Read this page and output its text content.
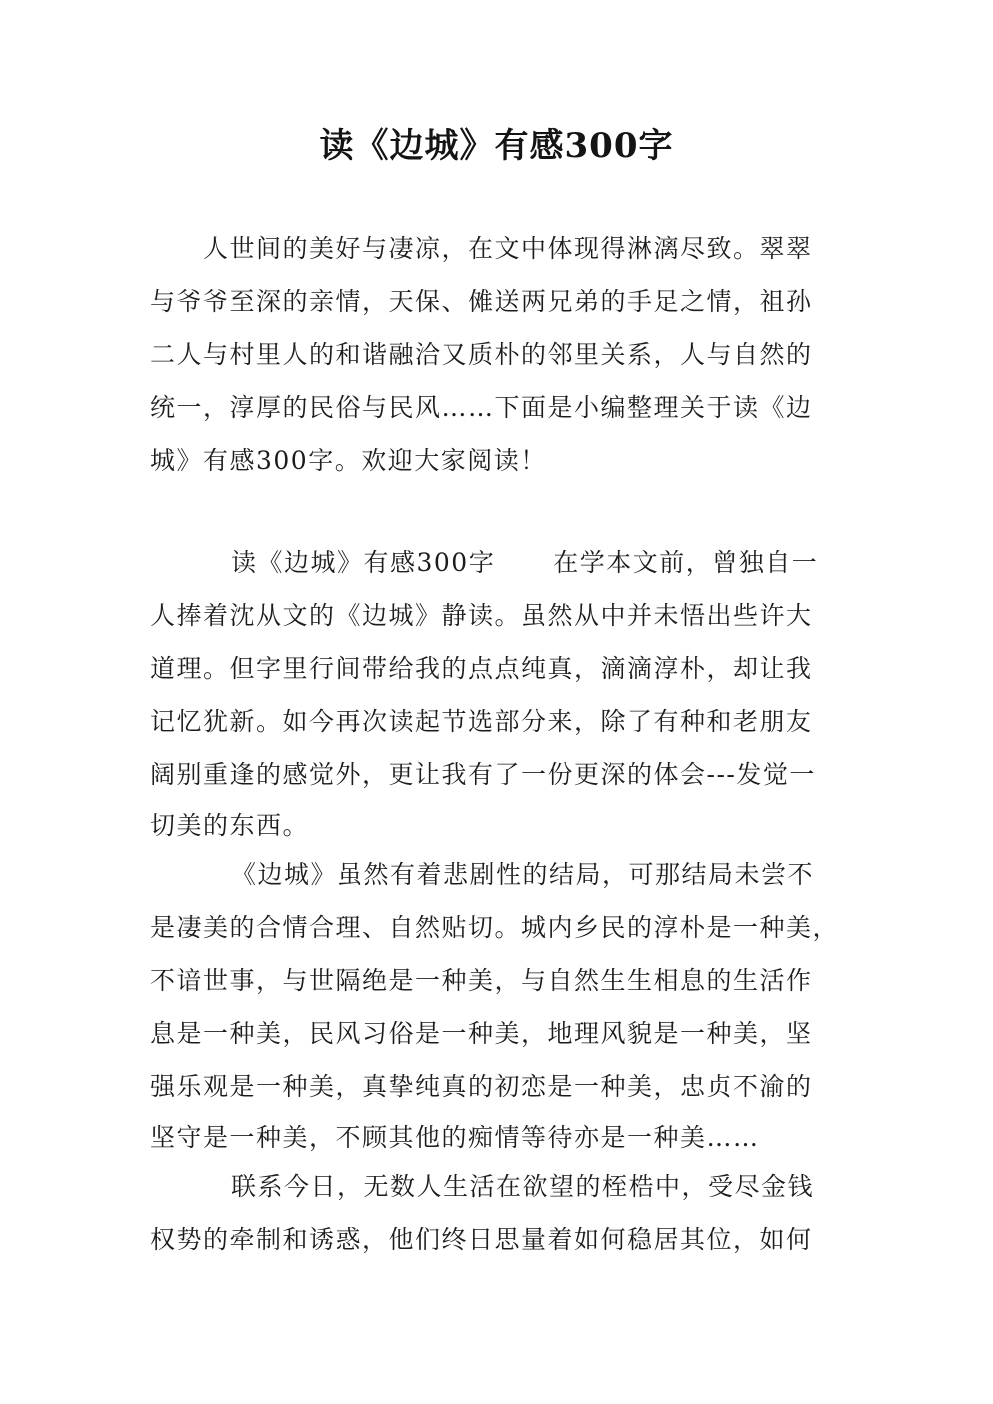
读《边城》有感300字
人世间的美好与凄凉，在文中体现得淋漓尽致。翠翠
与爷爷至深的亲情，天保、傩送两兄弟的手足之情，祖孙
二人与村里人的和谐融洽又质朴的邻里关系，人与自然的
统一，淳厚的民俗与民风……下面是小编整理关于读《边
城》有感300字。欢迎大家阅读！
读《边城》有感300字 在学本文前，曾独自一
人捧着沈从文的《边城》静读。虽然从中并未悟出些许大
道理。但字里行间带给我的点点纯真，滴滴淳朴，却让我
记忆犹新。如今再次读起节选部分来，除了有种和老朋友
阔别重逢的感觉外，更让我有了一份更深的体会---发觉一
切美的东西。
《边城》虽然有着悲剧性的结局，可那结局未尝不
是凄美的合情合理、自然贴切。城内乡民的淳朴是一种美，
不谙世事，与世隔绝是一种美，与自然生生相息的生活作
息是一种美，民风习俗是一种美，地理风貌是一种美，坚
强乐观是一种美，真挚纯真的初恋是一种美，忠贞不渝的
坚守是一种美，不顾其他的痴情等待亦是一种美……
联系今日，无数人生活在欲望的桎梏中，受尽金钱
权势的牵制和诱惑，他们终日思量着如何稳居其位，如何
